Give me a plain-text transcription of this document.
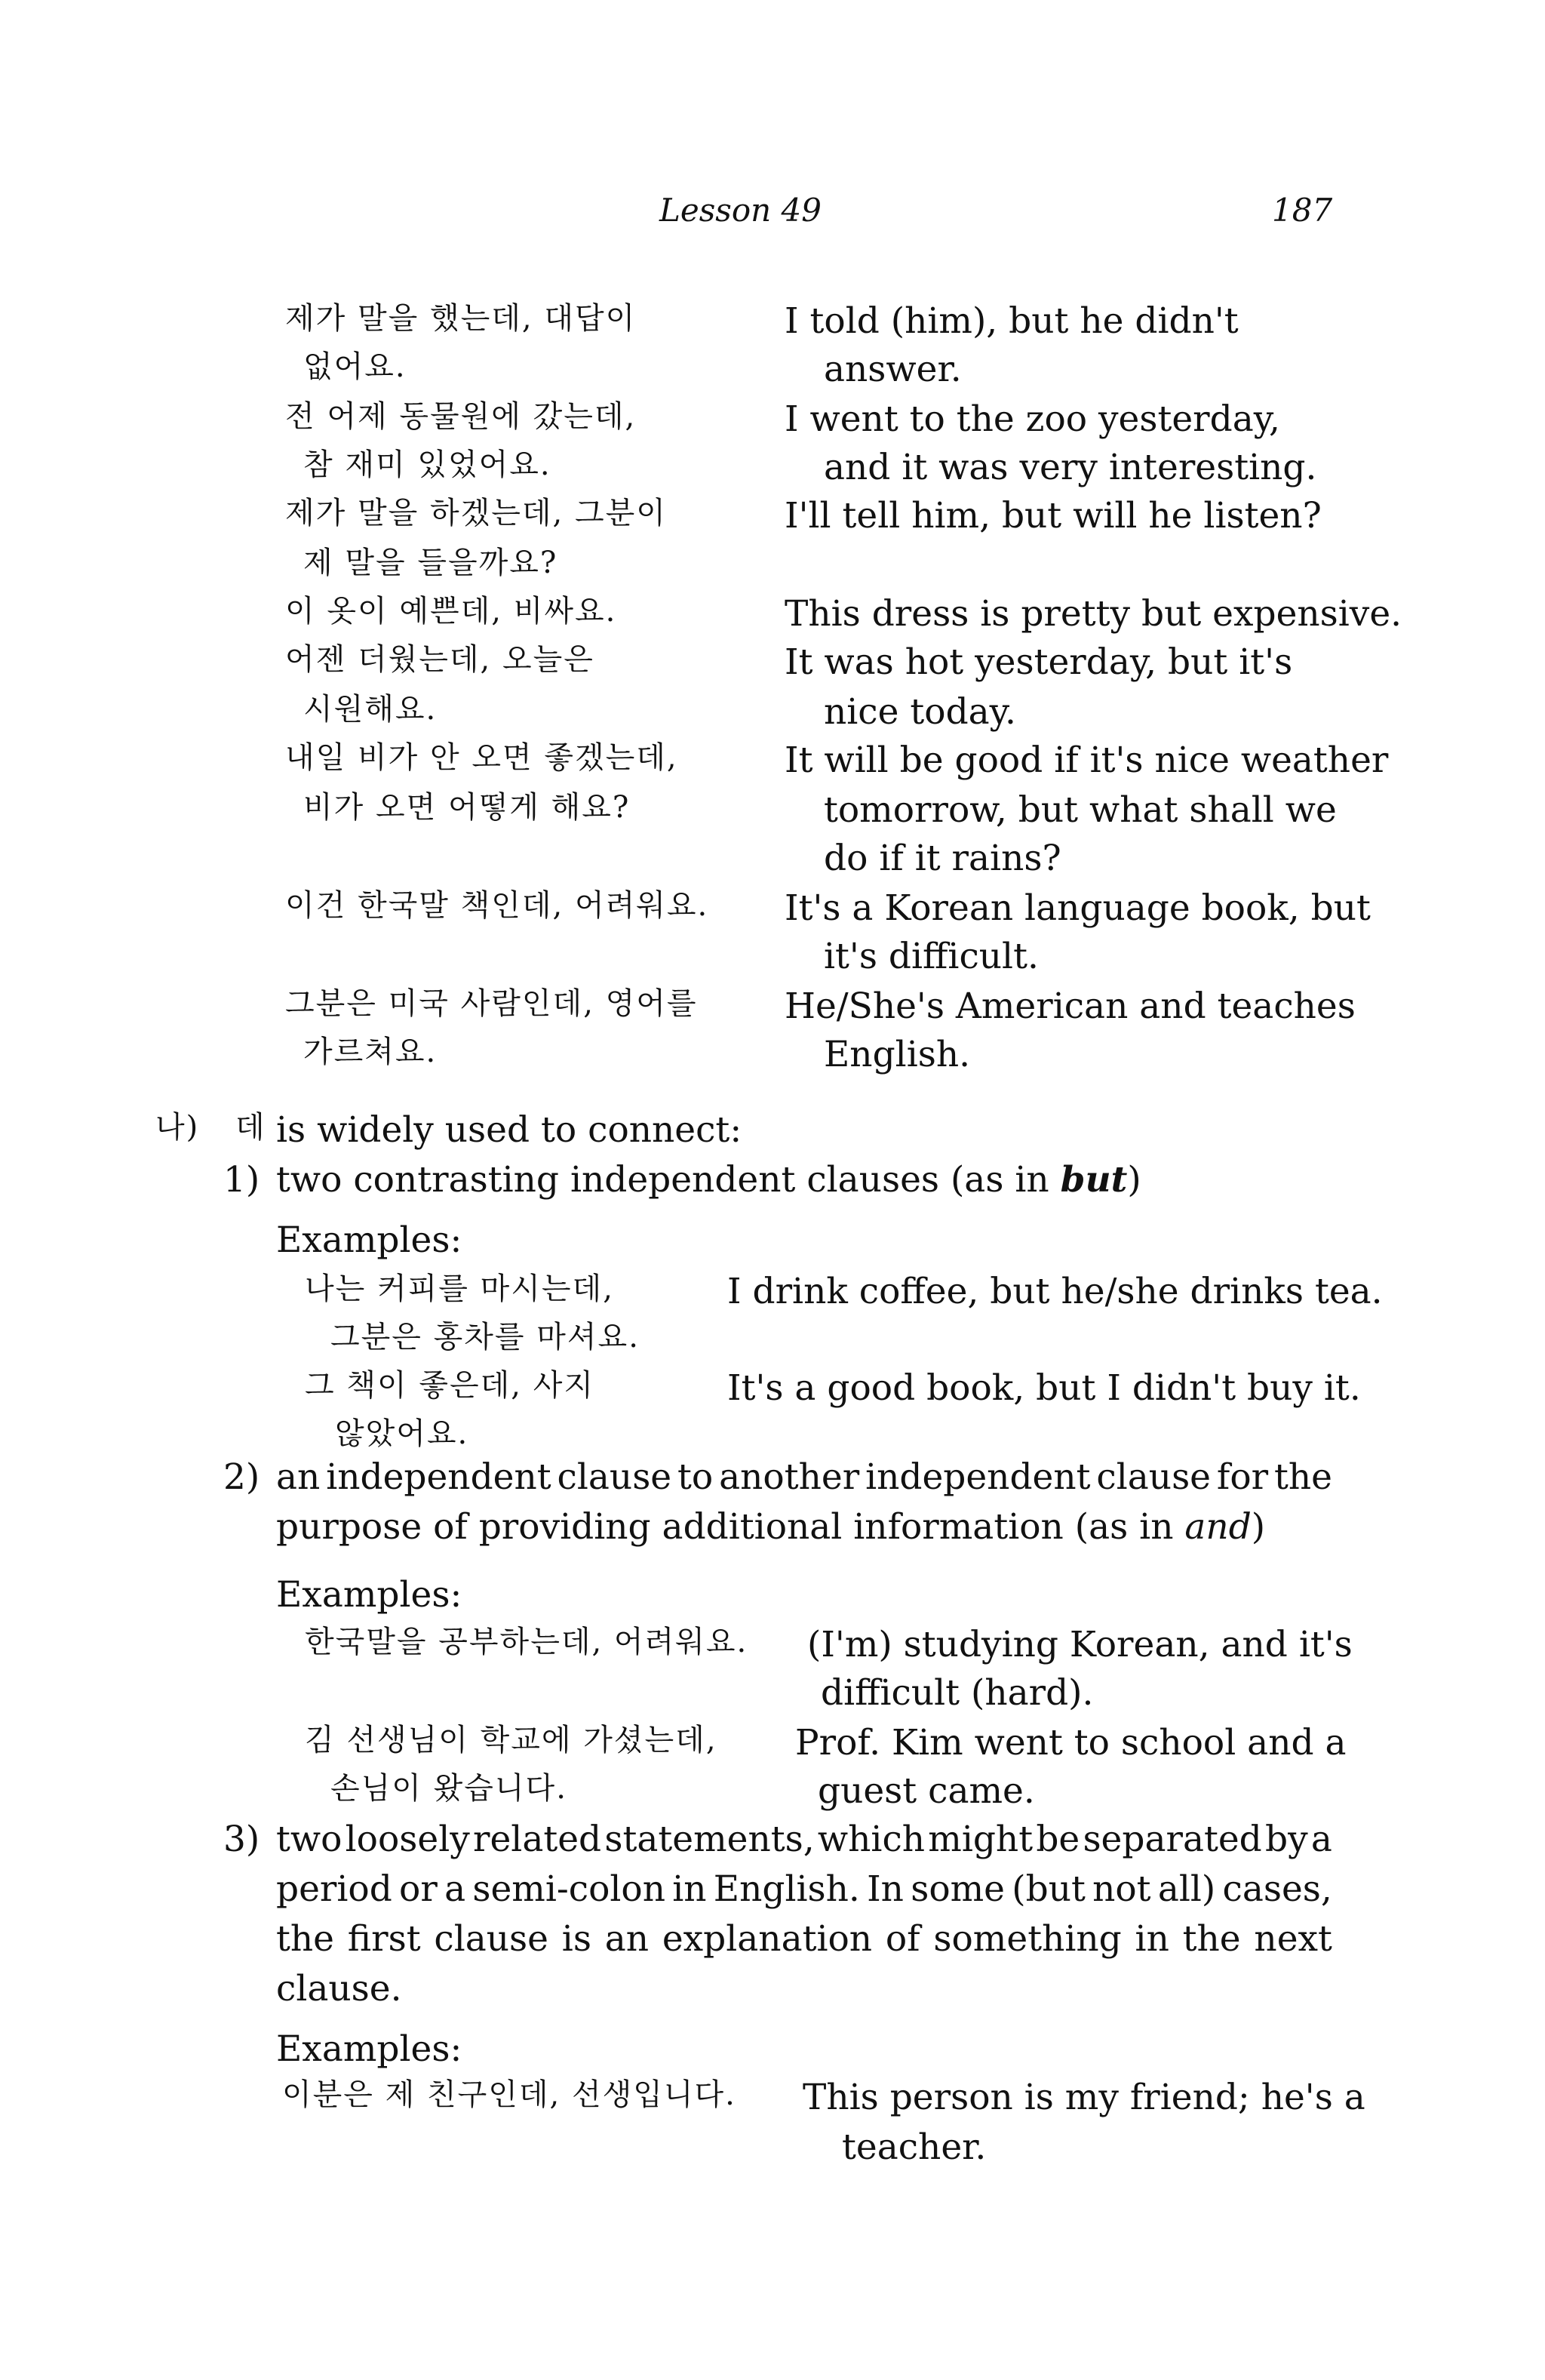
Lesson 49	187
제가 말을 했는데, 대답이
없어요.
전 어제 동물원에 갔는데,
참 재미 있었어요.
제가 말을 하겠는데, 그분이
제 말을 들을까요?
이 옷이 예쁜데, 비싸요.
어젠 더웠는데, 오늘은
시원해요.
내일 비가 안 오면 좋겠는데,
비가 오면 어떻게 해요?
이건 한국말 책인데, 어려워요.
그분은 미국 사람인데, 영어를
가르쳐요.
I told (him), but he didn't
answer.
I went to the zoo yesterday,
and it was very interesting.
I'll tell him, but will he listen?
This dress is pretty but expensive.
It was hot yesterday, but it's
nice today.
It will be good if it's nice weather
tomorrow, but what shall we
do if it rains?
It's a Korean language book, but
it's difficult.
He/She's American and teaches
English.
나) 데 is widely used to connect:
1) two contrasting independent clauses (as in but)
Examples:
나는 커피를 마시는데,
그분은 홍차를 마셔요.
I drink coffee, but he/she drinks tea.
그 책이 좋은데, 사지
않았어요.
It's a good book, but I didn't buy it.
2) an independent clause to another independent clause for the
purpose of providing additional information (as in and)
Examples:
한국말을 공부하는데, 어려워요. (I'm) studying Korean, and it's
difficult (hard).
김 선생님이 학교에 가셨는데,
손님이 왔습니다.
Prof. Kim went to school and a
guest came.
3) two loosely related statements, which might be separated by a
period or a semi-colon in English. In some (but not all) cases,
the first clause is an explanation of something in the next
clause.
Examples:
이분은 제 친구인데, 선생입니다. This person is my friend; he's a
teacher.
